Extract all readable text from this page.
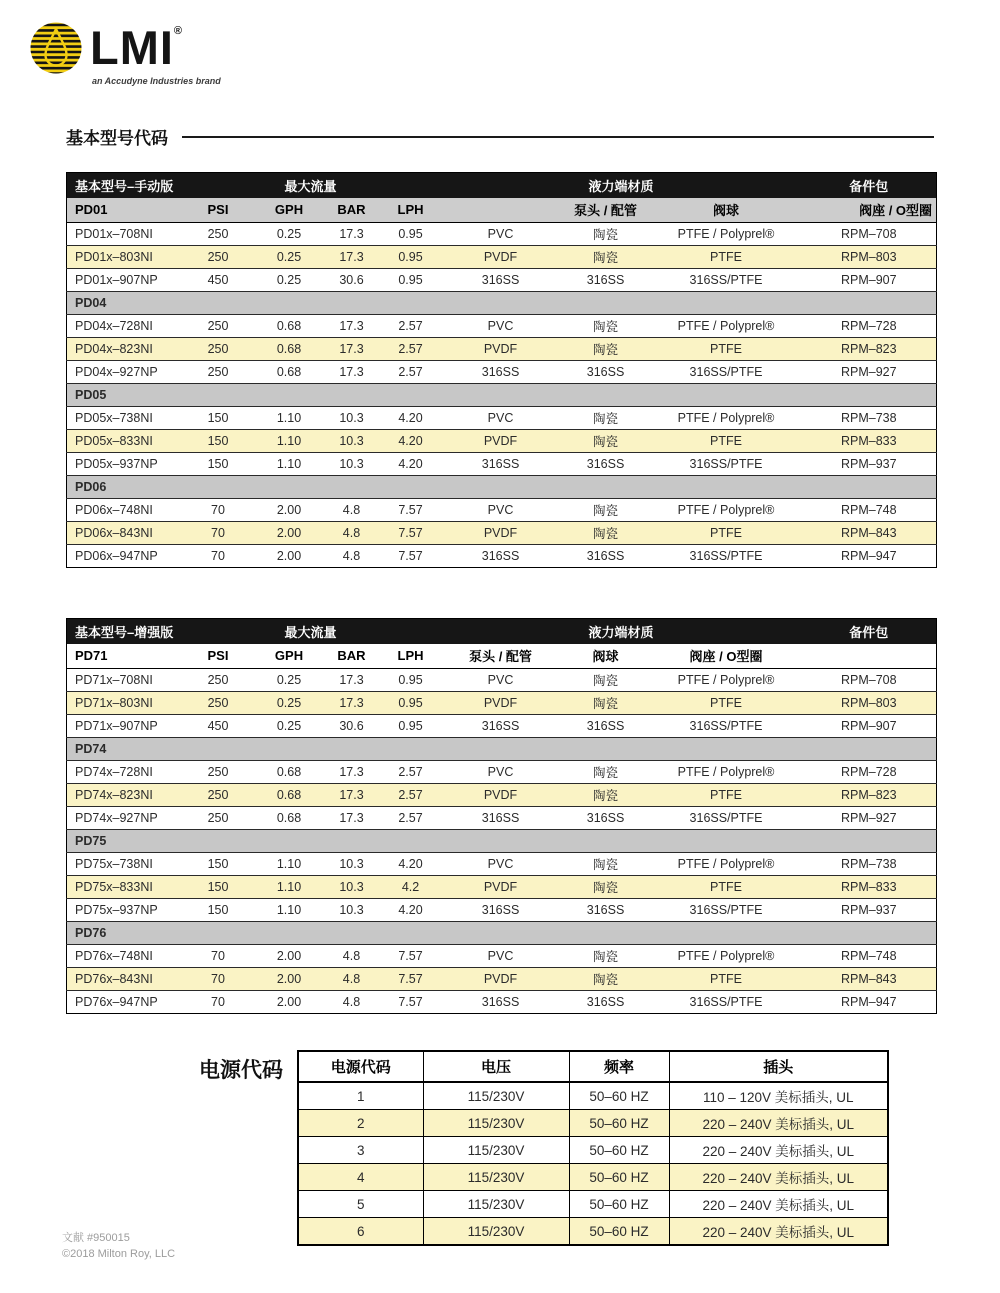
LMI®
an Accudyne Industries brand
基本型号代码
基本型号–手动版	最大流量				液力端材质			备件包
PD01	PSI	GPH	BAR	LPH		泵头 / 配管	阀球	阀座 / O型圈
PD01x–708NI	250	0.25	17.3	0.95	PVC	陶瓷	PTFE / Polyprel®	RPM–708
PD01x–803NI	250	0.25	17.3	0.95	PVDF	陶瓷	PTFE	RPM–803
PD01x–907NP	450	0.25	30.6	0.95	316SS	316SS	316SS/PTFE	RPM–907
PD04								
PD04x–728NI	250	0.68	17.3	2.57	PVC	陶瓷	PTFE / Polyprel®	RPM–728
PD04x–823NI	250	0.68	17.3	2.57	PVDF	陶瓷	PTFE	RPM–823
PD04x–927NP	250	0.68	17.3	2.57	316SS	316SS	316SS/PTFE	RPM–927
PD05								
PD05x–738NI	150	1.10	10.3	4.20	PVC	陶瓷	PTFE / Polyprel®	RPM–738
PD05x–833NI	150	1.10	10.3	4.20	PVDF	陶瓷	PTFE	RPM–833
PD05x–937NP	150	1.10	10.3	4.20	316SS	316SS	316SS/PTFE	RPM–937
PD06								
PD06x–748NI	70	2.00	4.8	7.57	PVC	陶瓷	PTFE / Polyprel®	RPM–748
PD06x–843NI	70	2.00	4.8	7.57	PVDF	陶瓷	PTFE	RPM–843
PD06x–947NP	70	2.00	4.8	7.57	316SS	316SS	316SS/PTFE	RPM–947
基本型号–增强版	最大流量				液力端材质			备件包
PD71	PSI	GPH	BAR	LPH	泵头 / 配管	阀球	阀座 / O型圈	
PD71x–708NI	250	0.25	17.3	0.95	PVC	陶瓷	PTFE / Polyprel®	RPM–708
PD71x–803NI	250	0.25	17.3	0.95	PVDF	陶瓷	PTFE	RPM–803
PD71x–907NP	450	0.25	30.6	0.95	316SS	316SS	316SS/PTFE	RPM–907
PD74								
PD74x–728NI	250	0.68	17.3	2.57	PVC	陶瓷	PTFE / Polyprel®	RPM–728
PD74x–823NI	250	0.68	17.3	2.57	PVDF	陶瓷	PTFE	RPM–823
PD74x–927NP	250	0.68	17.3	2.57	316SS	316SS	316SS/PTFE	RPM–927
PD75								
PD75x–738NI	150	1.10	10.3	4.20	PVC	陶瓷	PTFE / Polyprel®	RPM–738
PD75x–833NI	150	1.10	10.3	4.2	PVDF	陶瓷	PTFE	RPM–833
PD75x–937NP	150	1.10	10.3	4.20	316SS	316SS	316SS/PTFE	RPM–937
PD76								
PD76x–748NI	70	2.00	4.8	7.57	PVC	陶瓷	PTFE / Polyprel®	RPM–748
PD76x–843NI	70	2.00	4.8	7.57	PVDF	陶瓷	PTFE	RPM–843
PD76x–947NP	70	2.00	4.8	7.57	316SS	316SS	316SS/PTFE	RPM–947
电源代码	电源代码	电压	频率	插头
1	115/230V	50–60 HZ	110 – 120V 美标插头, UL
2	115/230V	50–60 HZ	220 – 240V 美标插头, UL
3	115/230V	50–60 HZ	220 – 240V 美标插头, UL
4	115/230V	50–60 HZ	220 – 240V 美标插头, UL
5	115/230V	50–60 HZ	220 – 240V 美标插头, UL
6	115/230V	50–60 HZ	220 – 240V 美标插头, UL
文献 #950015
©2018 Milton Roy, LLC
